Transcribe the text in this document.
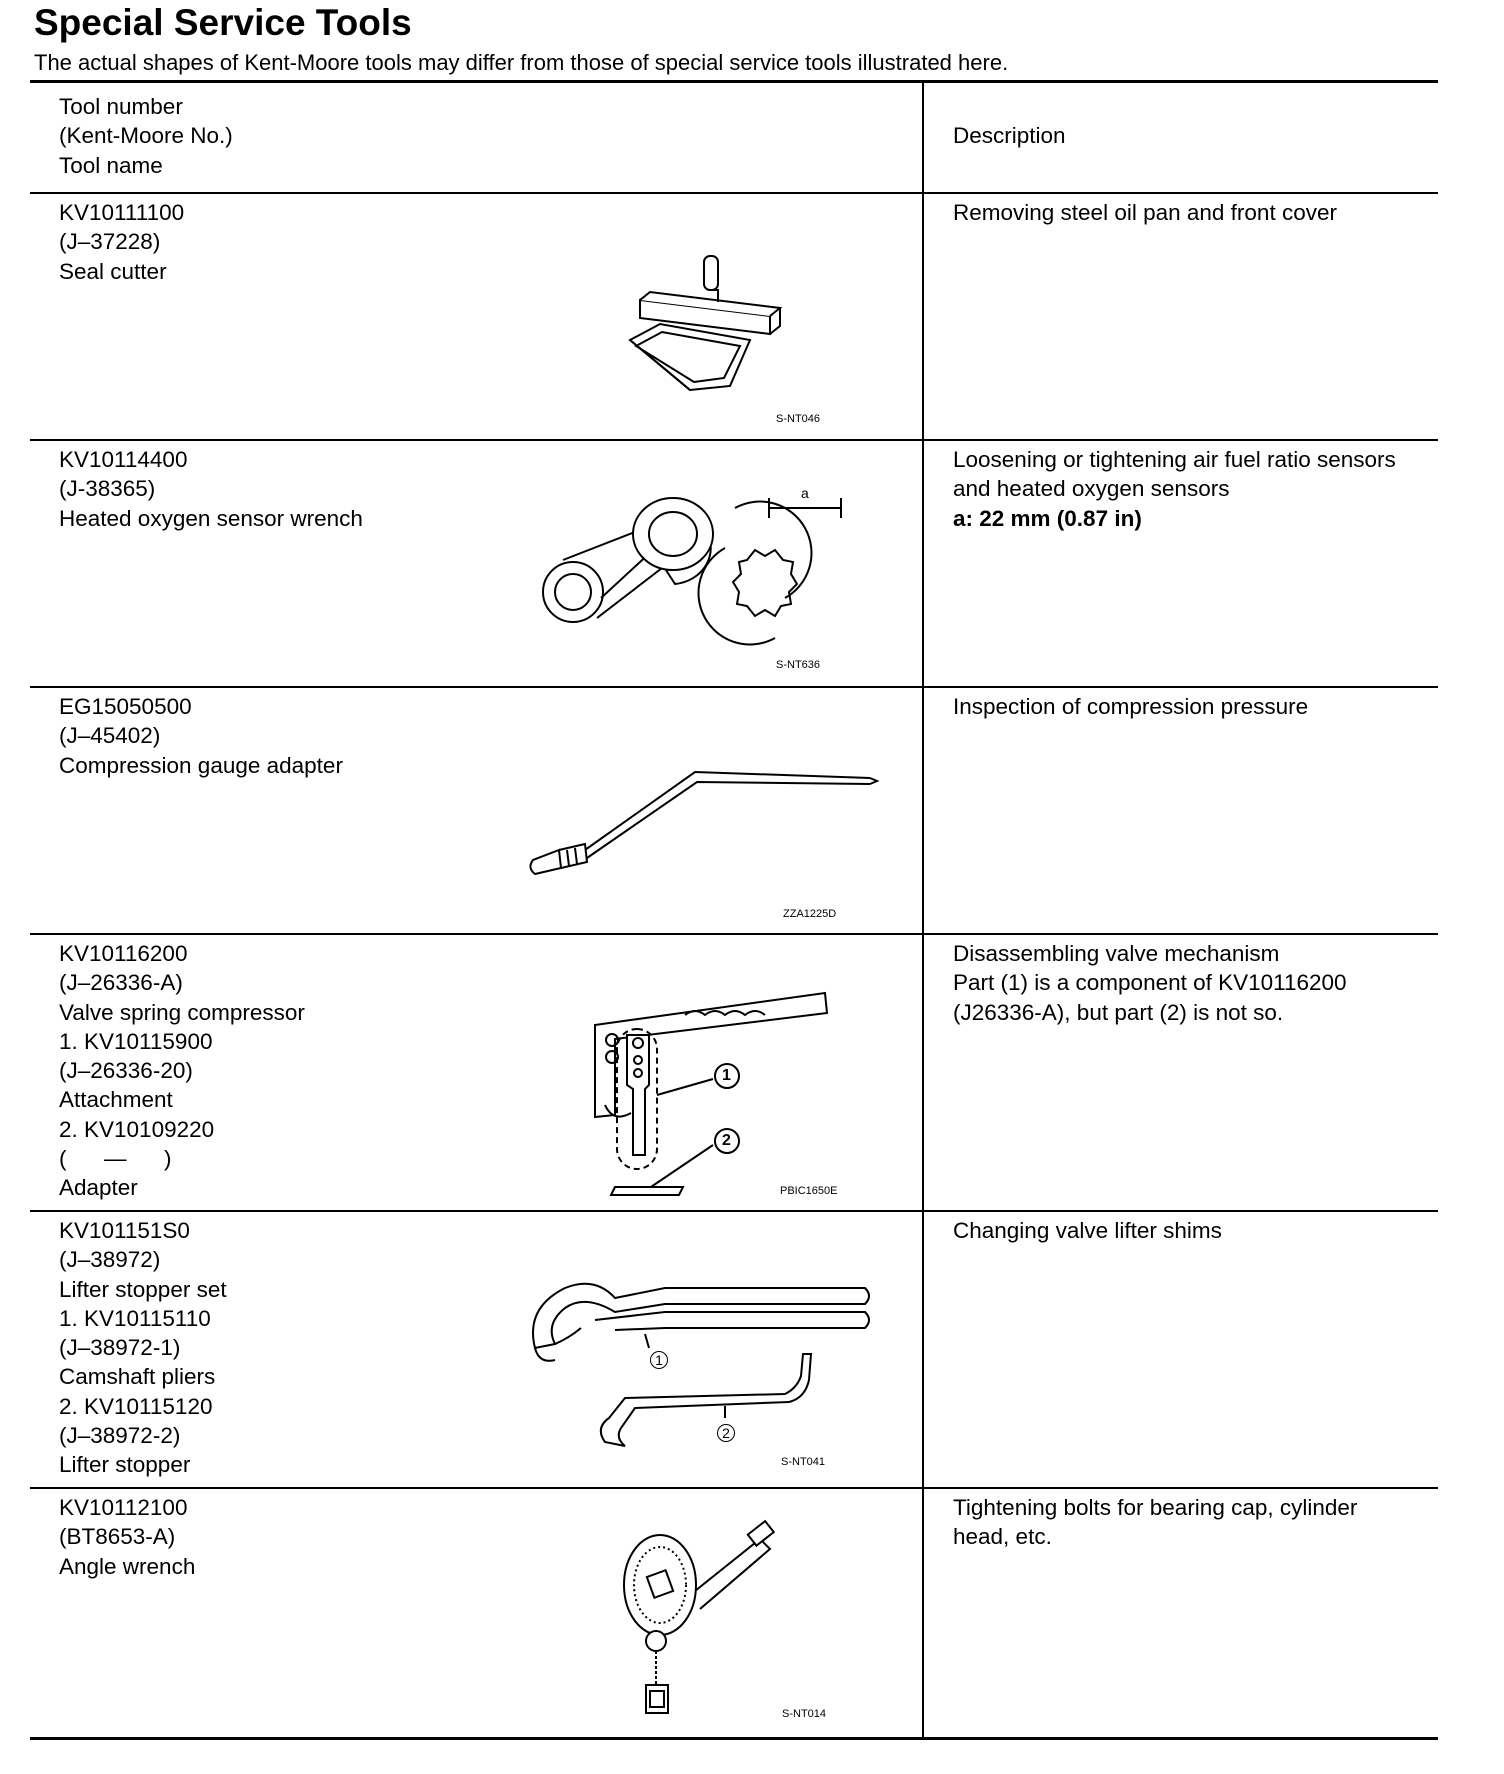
Special Service Tools

The actual shapes of Kent-Moore tools may differ from those of special service tools illustrated here.

Tool number
(Kent-Moore No.)
Tool name
Description
KV10111100
(J–37228)
Seal cutter
Removing steel oil pan and front cover
S-NT046
KV10114400
(J-38365)
Heated oxygen sensor wrench
Loosening or tightening air fuel ratio sensors
and heated oxygen sensors
a: 22 mm (0.87 in)
a
S-NT636
EG15050500
(J–45402)
Compression gauge adapter
Inspection of compression pressure
ZZA1225D
KV10116200
(J–26336-A)
Valve spring compressor
1. KV10115900
(J–26336-20)
Attachment
2. KV10109220
(      —      )
Adapter
Disassembling valve mechanism
Part (1) is a component of KV10116200
(J26336-A), but part (2) is not so.
1
2
PBIC1650E
KV101151S0
(J–38972)
Lifter stopper set
1. KV10115110
(J–38972-1)
Camshaft pliers
2. KV10115120
(J–38972-2)
Lifter stopper
Changing valve lifter shims
1
2
S-NT041
KV10112100
(BT8653-A)
Angle wrench
Tightening bolts for bearing cap, cylinder
head, etc.
S-NT014
